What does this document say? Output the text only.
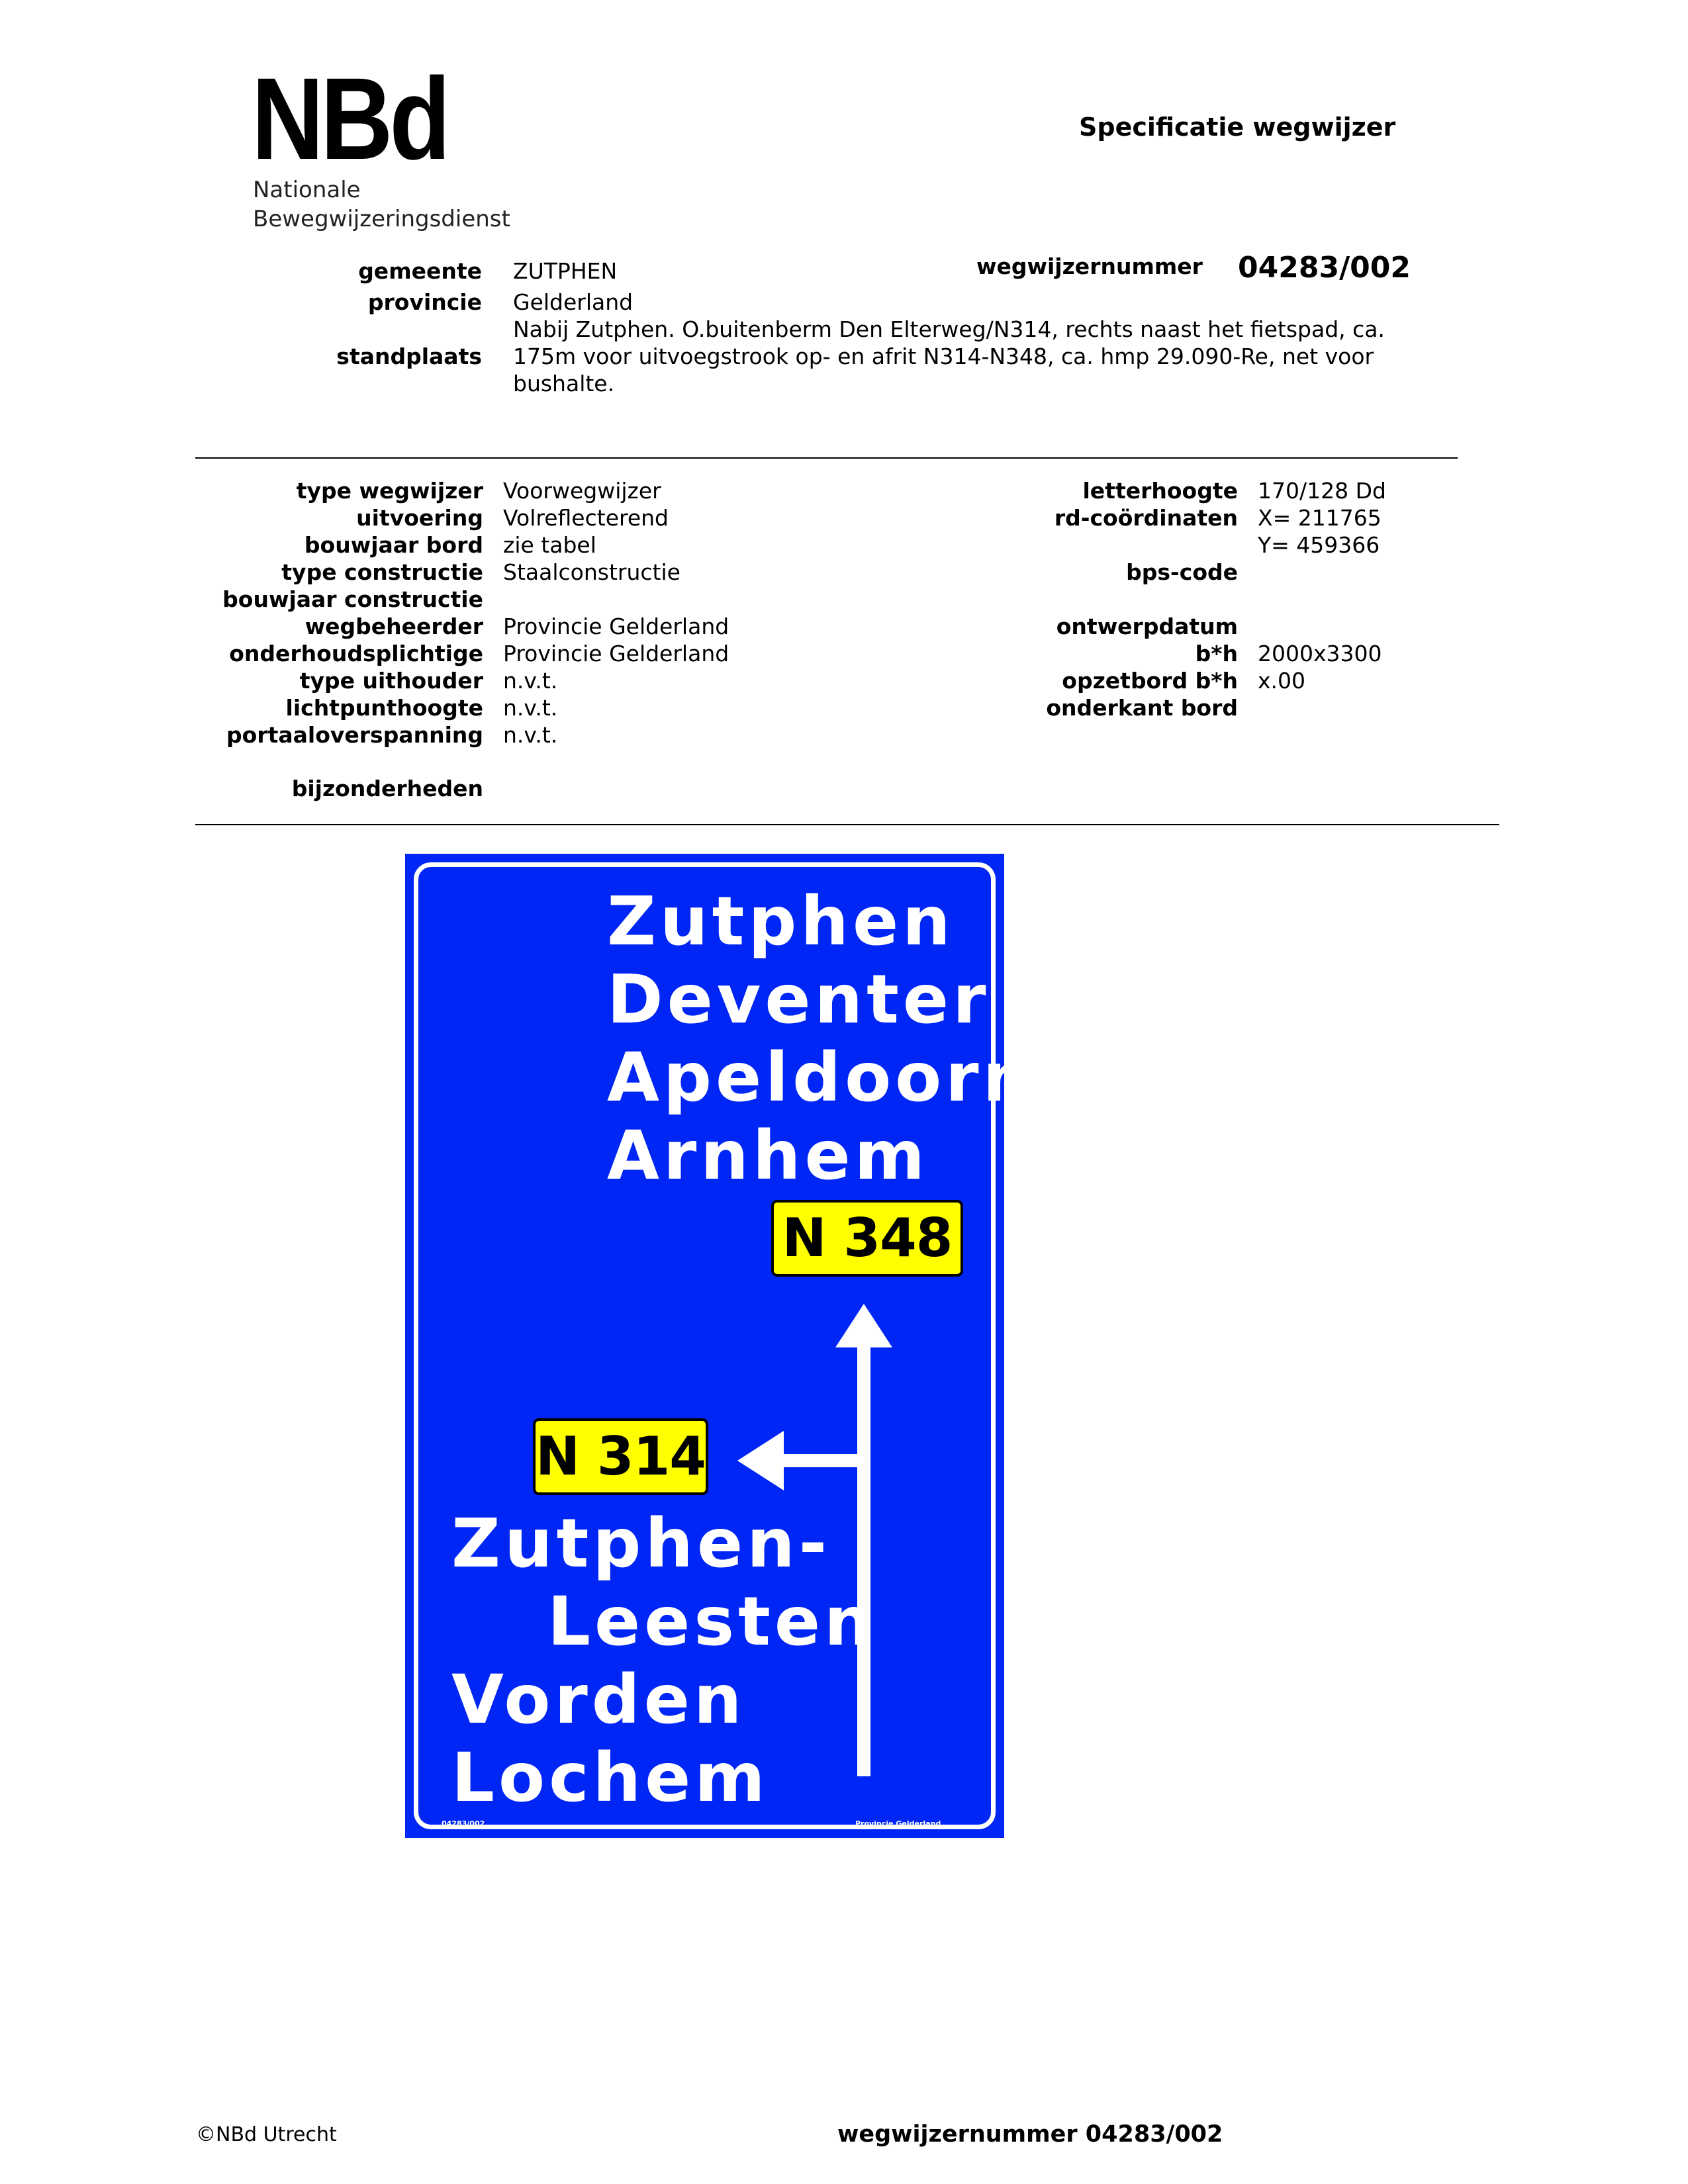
NBd
Nationale
Bewegwijzeringsdienst
Specificatie wegwijzer
gemeente ZUTPHEN	wegwijzernummer 04283/002
provincie Gelderland
standplaats
Nabij Zutphen. O.buitenberm Den Elterweg/N314, rechts naast het fietspad, ca.
175m voor uitvoegstrook op- en afrit N314-N348, ca. hmp 29.090-Re, net voor
bushalte.
type wegwijzer Voorwegwijzer
uitvoering Volreflecterend
bouwjaar bord zie tabel
type constructie Staalconstructie
bouwjaar constructie
wegbeheerder Provincie Gelderland
onderhoudsplichtige Provincie Gelderland
type uithouder n.v.t.
lichtpunthoogte n.v.t.
portaaloverspanning n.v.t.
bijzonderheden
letterhoogte 170/128 Dd
rd-coördinaten X= 211765
Y= 459366
bps-code
ontwerpdatum
b*h 2000x3300
opzetbord b*h x.00
onderkant bord
Zutphen
Deventer
Apeldoorn
Arnhem
N 348
N 314
Zutphen-
Leesten
Vorden
Lochem
04283/002	Provincie Gelderland
©NBd Utrecht	wegwijzernummer 04283/002
